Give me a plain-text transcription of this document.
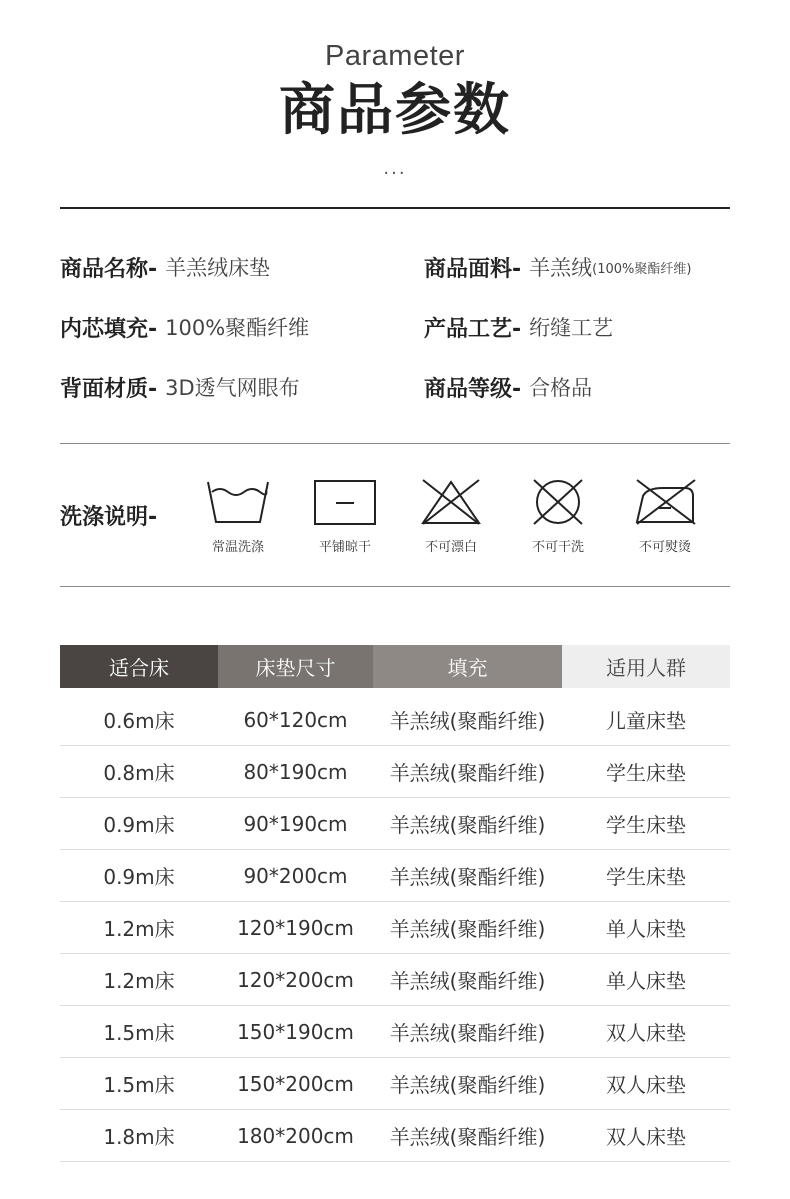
Parameter
商品参数
...
商品名称- 羊羔绒床垫	商品面料- 羊羔绒 (100%聚酯纤维)
内芯填充- 100%聚酯纤维	产品工艺- 绗缝工艺
背面材质- 3D透气网眼布	商品等级- 合格品
洗涤说明-
常温洗涤	平铺晾干	不可漂白	不可干洗	不可熨烫
适合床	床垫尺寸	填充	适用人群
0.6m床	60*120cm	羊羔绒(聚酯纤维)	儿童床垫
0.8m床	80*190cm	羊羔绒(聚酯纤维)	学生床垫
0.9m床	90*190cm	羊羔绒(聚酯纤维)	学生床垫
0.9m床	90*200cm	羊羔绒(聚酯纤维)	学生床垫
1.2m床	120*190cm	羊羔绒(聚酯纤维)	单人床垫
1.2m床	120*200cm	羊羔绒(聚酯纤维)	单人床垫
1.5m床	150*190cm	羊羔绒(聚酯纤维)	双人床垫
1.5m床	150*200cm	羊羔绒(聚酯纤维)	双人床垫
1.8m床	180*200cm	羊羔绒(聚酯纤维)	双人床垫
